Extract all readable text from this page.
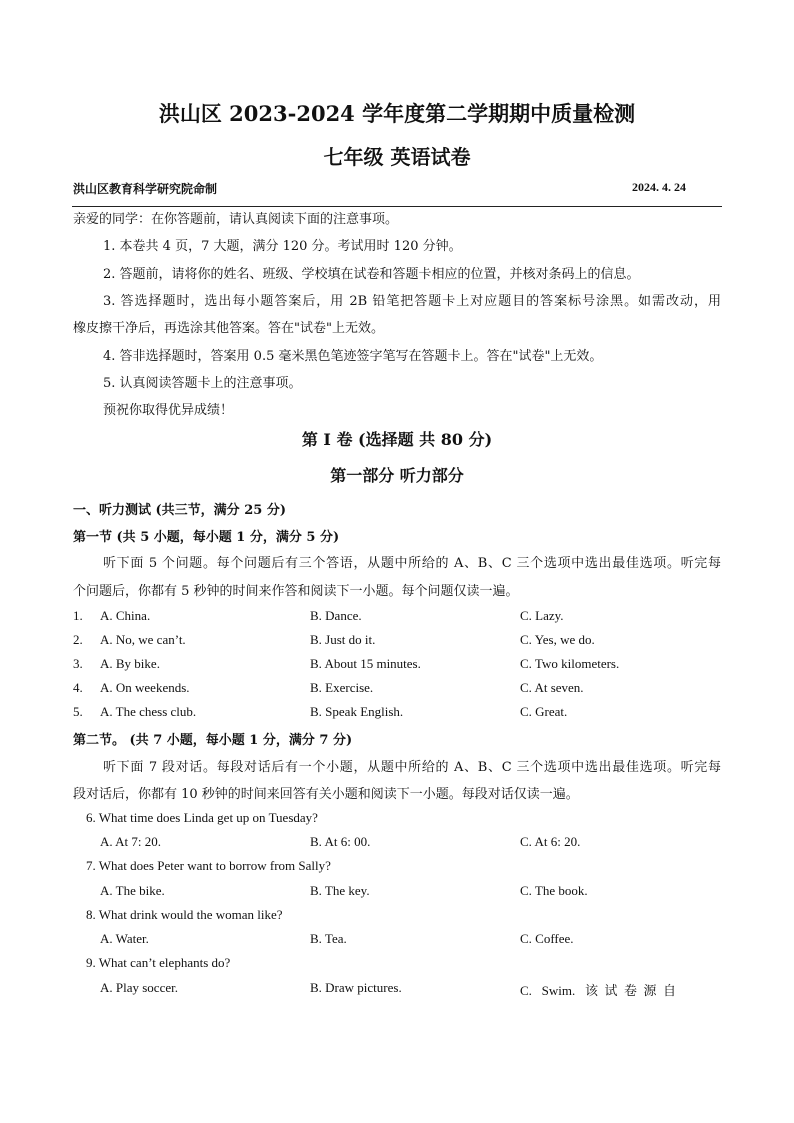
洪山区 2023-2024 学年度第二学期期中质量检测
七年级 英语试卷
洪山区教育科学研究院命制	2024. 4. 24
亲爱的同学：在你答题前，请认真阅读下面的注意事项。
1. 本卷共 4 页，7 大题，满分 120 分。考试用时 120 分钟。
2. 答题前，请将你的姓名、班级、学校填在试卷和答题卡相应的位置，并核对条码上的信息。
3. 答选择题时，选出每小题答案后，用 2B 铅笔把答题卡上对应题目的答案标号涂黑。如需改动，用
橡皮擦干净后，再选涂其他答案。答在"试卷"上无效。
4. 答非选择题时，答案用 0.5 毫米黑色笔迹签字笔写在答题卡上。答在"试卷"上无效。
5. 认真阅读答题卡上的注意事项。
预祝你取得优异成绩！
第 I 卷 (选择题 共 80 分)
第一部分 听力部分
一、听力测试 (共三节，满分 25 分)
第一节 (共 5 小题，每小题 1 分，满分 5 分)
听下面 5 个问题。每个问题后有三个答语，从题中所给的 A、B、C 三个选项中选出最佳选项。听完每
个问题后，你都有 5 秒钟的时间来作答和阅读下一小题。每个问题仅读一遍。
1. A. China.	B. Dance.	C. Lazy.
2. A. No, we can’t.	B. Just do it.	C. Yes, we do.
3. A. By bike.	B. About 15 minutes.	C. Two kilometers.
4. A. On weekends.	B. Exercise.	C. At seven.
5. A. The chess club.	B. Speak English.	C. Great.
第二节。 (共 7 小题，每小题 1 分，满分 7 分)
听下面 7 段对话。每段对话后有一个小题，从题中所给的 A、B、C 三个选项中选出最佳选项。听完每
段对话后，你都有 10 秒钟的时间来回答有关小题和阅读下一小题。每段对话仅读一遍。
6. What time does Linda get up on Tuesday?
A. At 7: 20.	B. At 6: 00.	C. At 6: 20.
7. What does Peter want to borrow from Sally?
A. The bike.	B. The key.	C. The book.
8. What drink would the woman like?
A. Water.	B. Tea.	C. Coffee.
9. What can’t elephants do?
A. Play soccer.	B. Draw pictures.	C.   Swim.   该  试  卷  源  自
